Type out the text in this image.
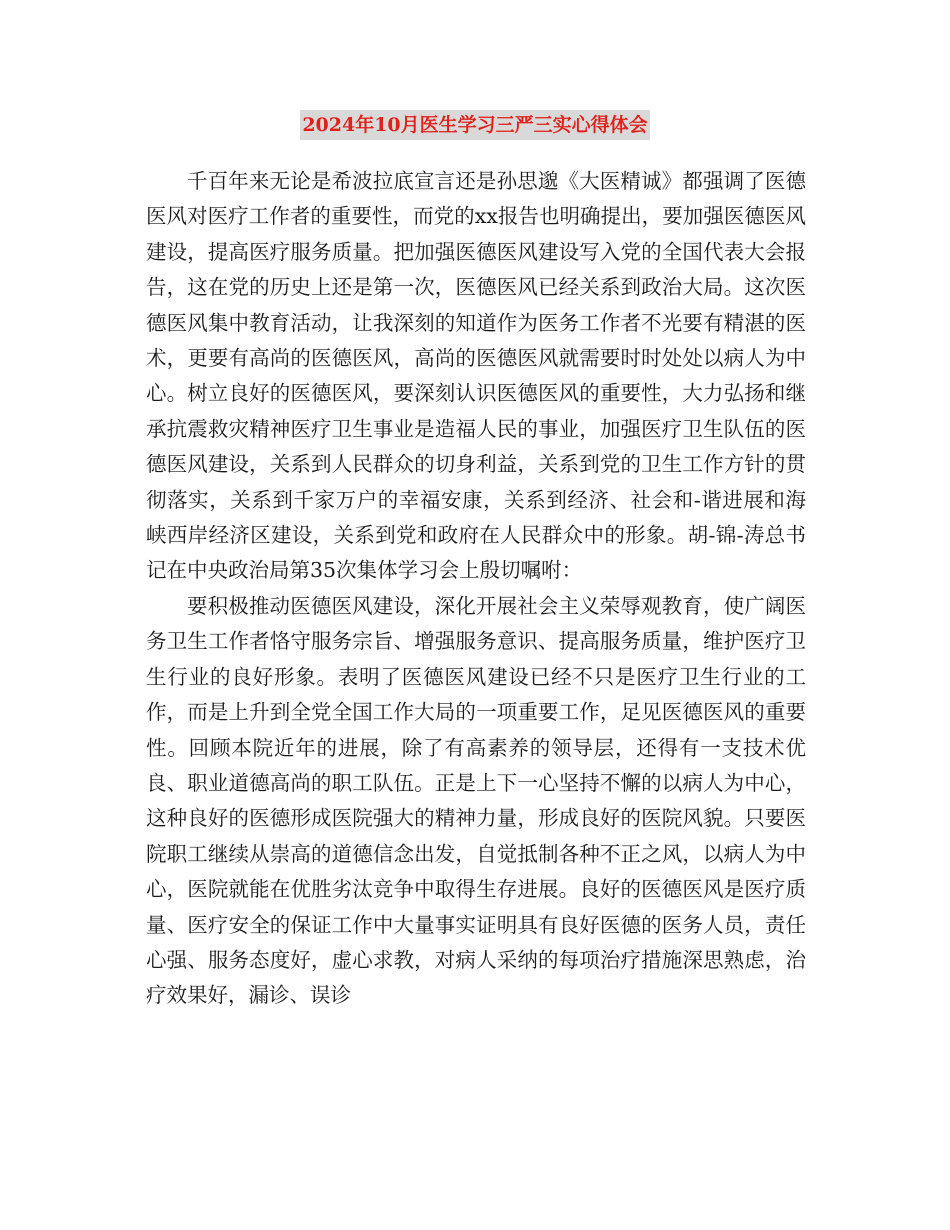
2024年10月医生学习三严三实心得体会

千百年来无论是希波拉底宣言还是孙思邈《大医精诚》都强调了医德医风对医疗工作者的重要性，而党的xx报告也明确提出，要加强医德医风建设，提高医疗服务质量。把加强医德医风建设写入党的全国代表大会报告，这在党的历史上还是第一次，医德医风已经关系到政治大局。这次医德医风集中教育活动，让我深刻的知道作为医务工作者不光要有精湛的医术，更要有高尚的医德医风，高尚的医德医风就需要时时处处以病人为中心。树立良好的医德医风，要深刻认识医德医风的重要性，大力弘扬和继承抗震救灾精神医疗卫生事业是造福人民的事业，加强医疗卫生队伍的医德医风建设，关系到人民群众的切身利益，关系到党的卫生工作方针的贯彻落实，关系到千家万户的幸福安康，关系到经济、社会和-谐进展和海峡西岸经济区建设，关系到党和政府在人民群众中的形象。胡-锦-涛总书记在中央政治局第35次集体学习会上殷切嘱咐：

要积极推动医德医风建设，深化开展社会主义荣辱观教育，使广阔医务卫生工作者恪守服务宗旨、增强服务意识、提高服务质量，维护医疗卫生行业的良好形象。表明了医德医风建设已经不只是医疗卫生行业的工作，而是上升到全党全国工作大局的一项重要工作，足见医德医风的重要性。回顾本院近年的进展，除了有高素养的领导层，还得有一支技术优良、职业道德高尚的职工队伍。正是上下一心坚持不懈的以病人为中心，这种良好的医德形成医院强大的精神力量，形成良好的医院风貌。只要医院职工继续从崇高的道德信念出发，自觉抵制各种不正之风，以病人为中心，医院就能在优胜劣汰竞争中取得生存进展。良好的医德医风是医疗质量、医疗安全的保证工作中大量事实证明具有良好医德的医务人员，责任心强、服务态度好，虚心求教，对病人采纳的每项治疗措施深思熟虑，治疗效果好，漏诊、误诊
